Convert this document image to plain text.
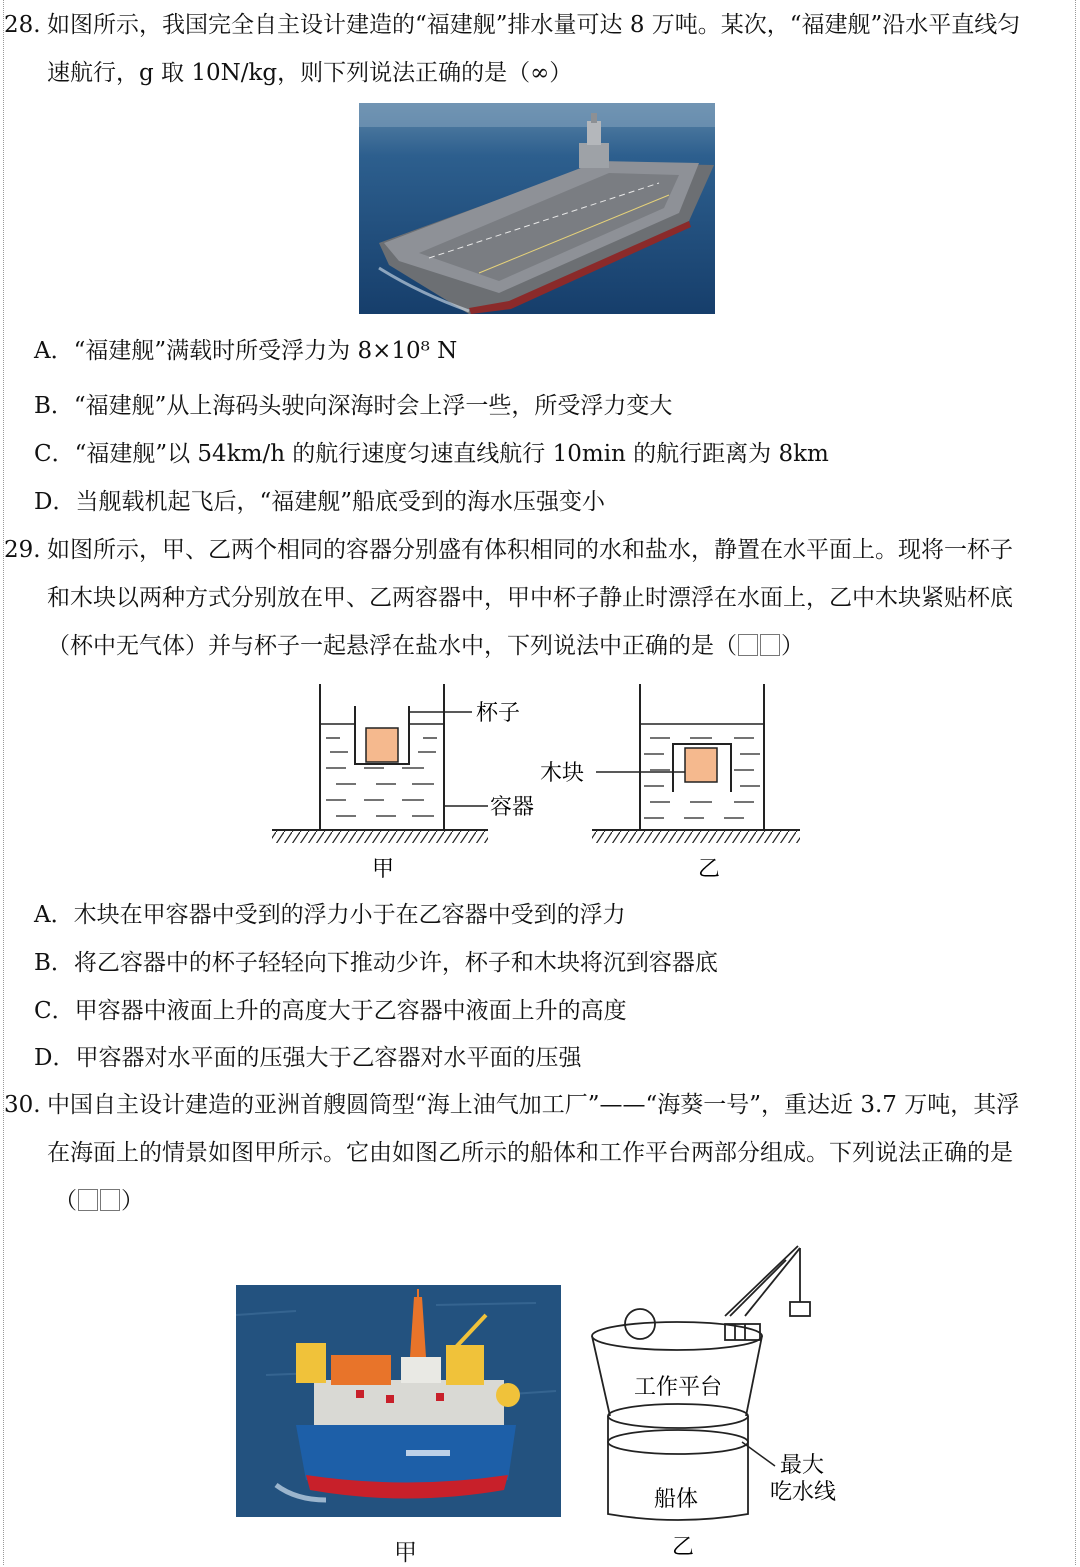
28. 如图所示，我国完全自主设计建造的“福建舰”排水量可达 8 万吨。某次，“福建舰”沿水平直线匀
速航行，g 取 10N/kg，则下列说法正确的是（∞）
A．“福建舰”满载时所受浮力为 8×10⁸ N
B．“福建舰”从上海码头驶向深海时会上浮一些，所受浮力变大
C．“福建舰”以 54km/h 的航行速度匀速直线航行 10min 的航行距离为 8km
D．当舰载机起飞后，“福建舰”船底受到的海水压强变小
29. 如图所示，甲、乙两个相同的容器分别盛有体积相同的水和盐水，静置在水平面上。现将一杯子
和木块以两种方式分别放在甲、乙两容器中，甲中杯子静止时漂浮在水面上，乙中木块紧贴杯底
（杯中无气体）并与杯子一起悬浮在盐水中，下列说法中正确的是（ ）
杯子
容器
甲
木块
乙
A．木块在甲容器中受到的浮力小于在乙容器中受到的浮力
B．将乙容器中的杯子轻轻向下推动少许，杯子和木块将沉到容器底
C．甲容器中液面上升的高度大于乙容器中液面上升的高度
D．甲容器对水平面的压强大于乙容器对水平面的压强
30. 中国自主设计建造的亚洲首艘圆筒型“海上油气加工厂”——“海葵一号”，重达近 3.7 万吨，其浮
在海面上的情景如图甲所示。它由如图乙所示的船体和工作平台两部分组成。下列说法正确的是
（ ）
甲
工作平台
船体
最大
吃水线
乙
